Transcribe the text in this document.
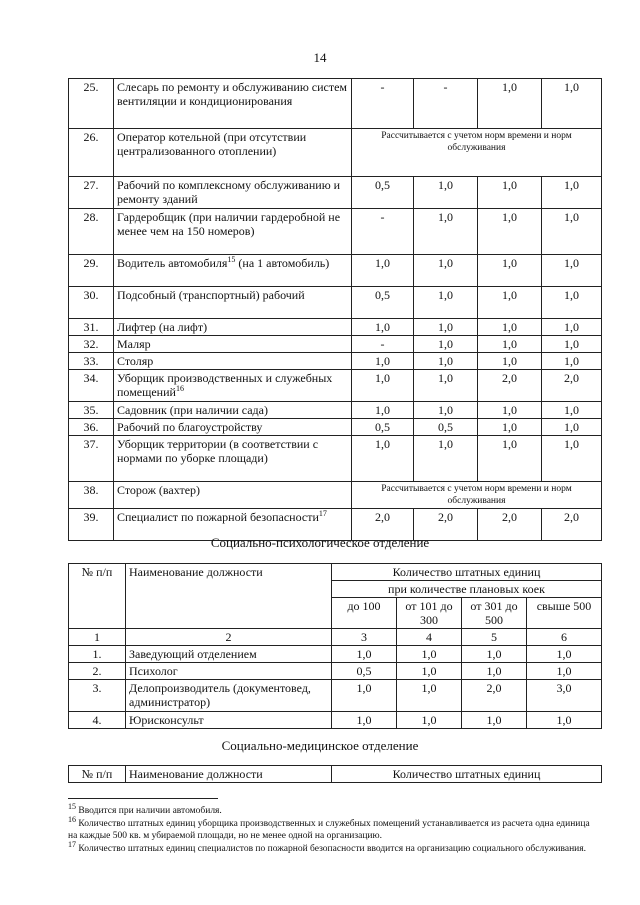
14
25.	Слесарь по ремонту и обслуживанию систем вентиляции и кондиционирования	-	-	1,0	1,0
26.	Оператор котельной (при отсутствии централизованного отоплении)	Рассчитывается с учетом норм времени и норм обслуживания			
27.	Рабочий по комплексному обслуживанию и ремонту зданий	0,5	1,0	1,0	1,0
28.	Гардеробщик (при наличии гардеробной не менее чем на 150 номеров)	-	1,0	1,0	1,0
29.	Водитель автомобиля$^{15}$ (на 1 автомобиль)	1,0	1,0	1,0	1,0
30.	Подсобный (транспортный) рабочий	0,5	1,0	1,0	1,0
31.	Лифтер (на лифт)	1,0	1,0	1,0	1,0
32.	Маляр	-	1,0	1,0	1,0
33.	Столяр	1,0	1,0	1,0	1,0
34.	Уборщик производственных и служебных помещений$^{16}$	1,0	1,0	2,0	2,0
35.	Садовник (при наличии сада)	1,0	1,0	1,0	1,0
36.	Рабочий по благоустройству	0,5	0,5	1,0	1,0
37.	Уборщик территории (в соответствии с нормами по уборке площади)	1,0	1,0	1,0	1,0
38.	Сторож (вахтер)	Рассчитывается с учетом норм времени и норм обслуживания			
39.	Специалист по пожарной безопасности$^{17}$	2,0	2,0	2,0	2,0
Социально-психологическое отделение
№ п/п	Наименование должности	Количество штатных единиц			
		при количестве плановых коек			
		до 100	от 101 до 300	от 301 до 500	свыше 500
1	2	3	4	5	6
1.	Заведующий отделением	1,0	1,0	1,0	1,0
2.	Психолог	0,5	1,0	1,0	1,0
3.	Делопроизводитель (документовед, администратор)	1,0	1,0	2,0	3,0
4.	Юрисконсульт	1,0	1,0	1,0	1,0
Социально-медицинское отделение
№ п/п	Наименование должности	Количество штатных единиц

$^{15}$ Вводится при наличии автомобиля.

$^{16}$ Количество штатных единиц уборщика производственных и служебных помещений устанавливается из расчета одна единица на каждые 500 кв. м убираемой площади, но не менее одной на организацию.

$^{17}$ Количество штатных единиц специалистов по пожарной безопасности вводится на организацию социального обслуживания.
